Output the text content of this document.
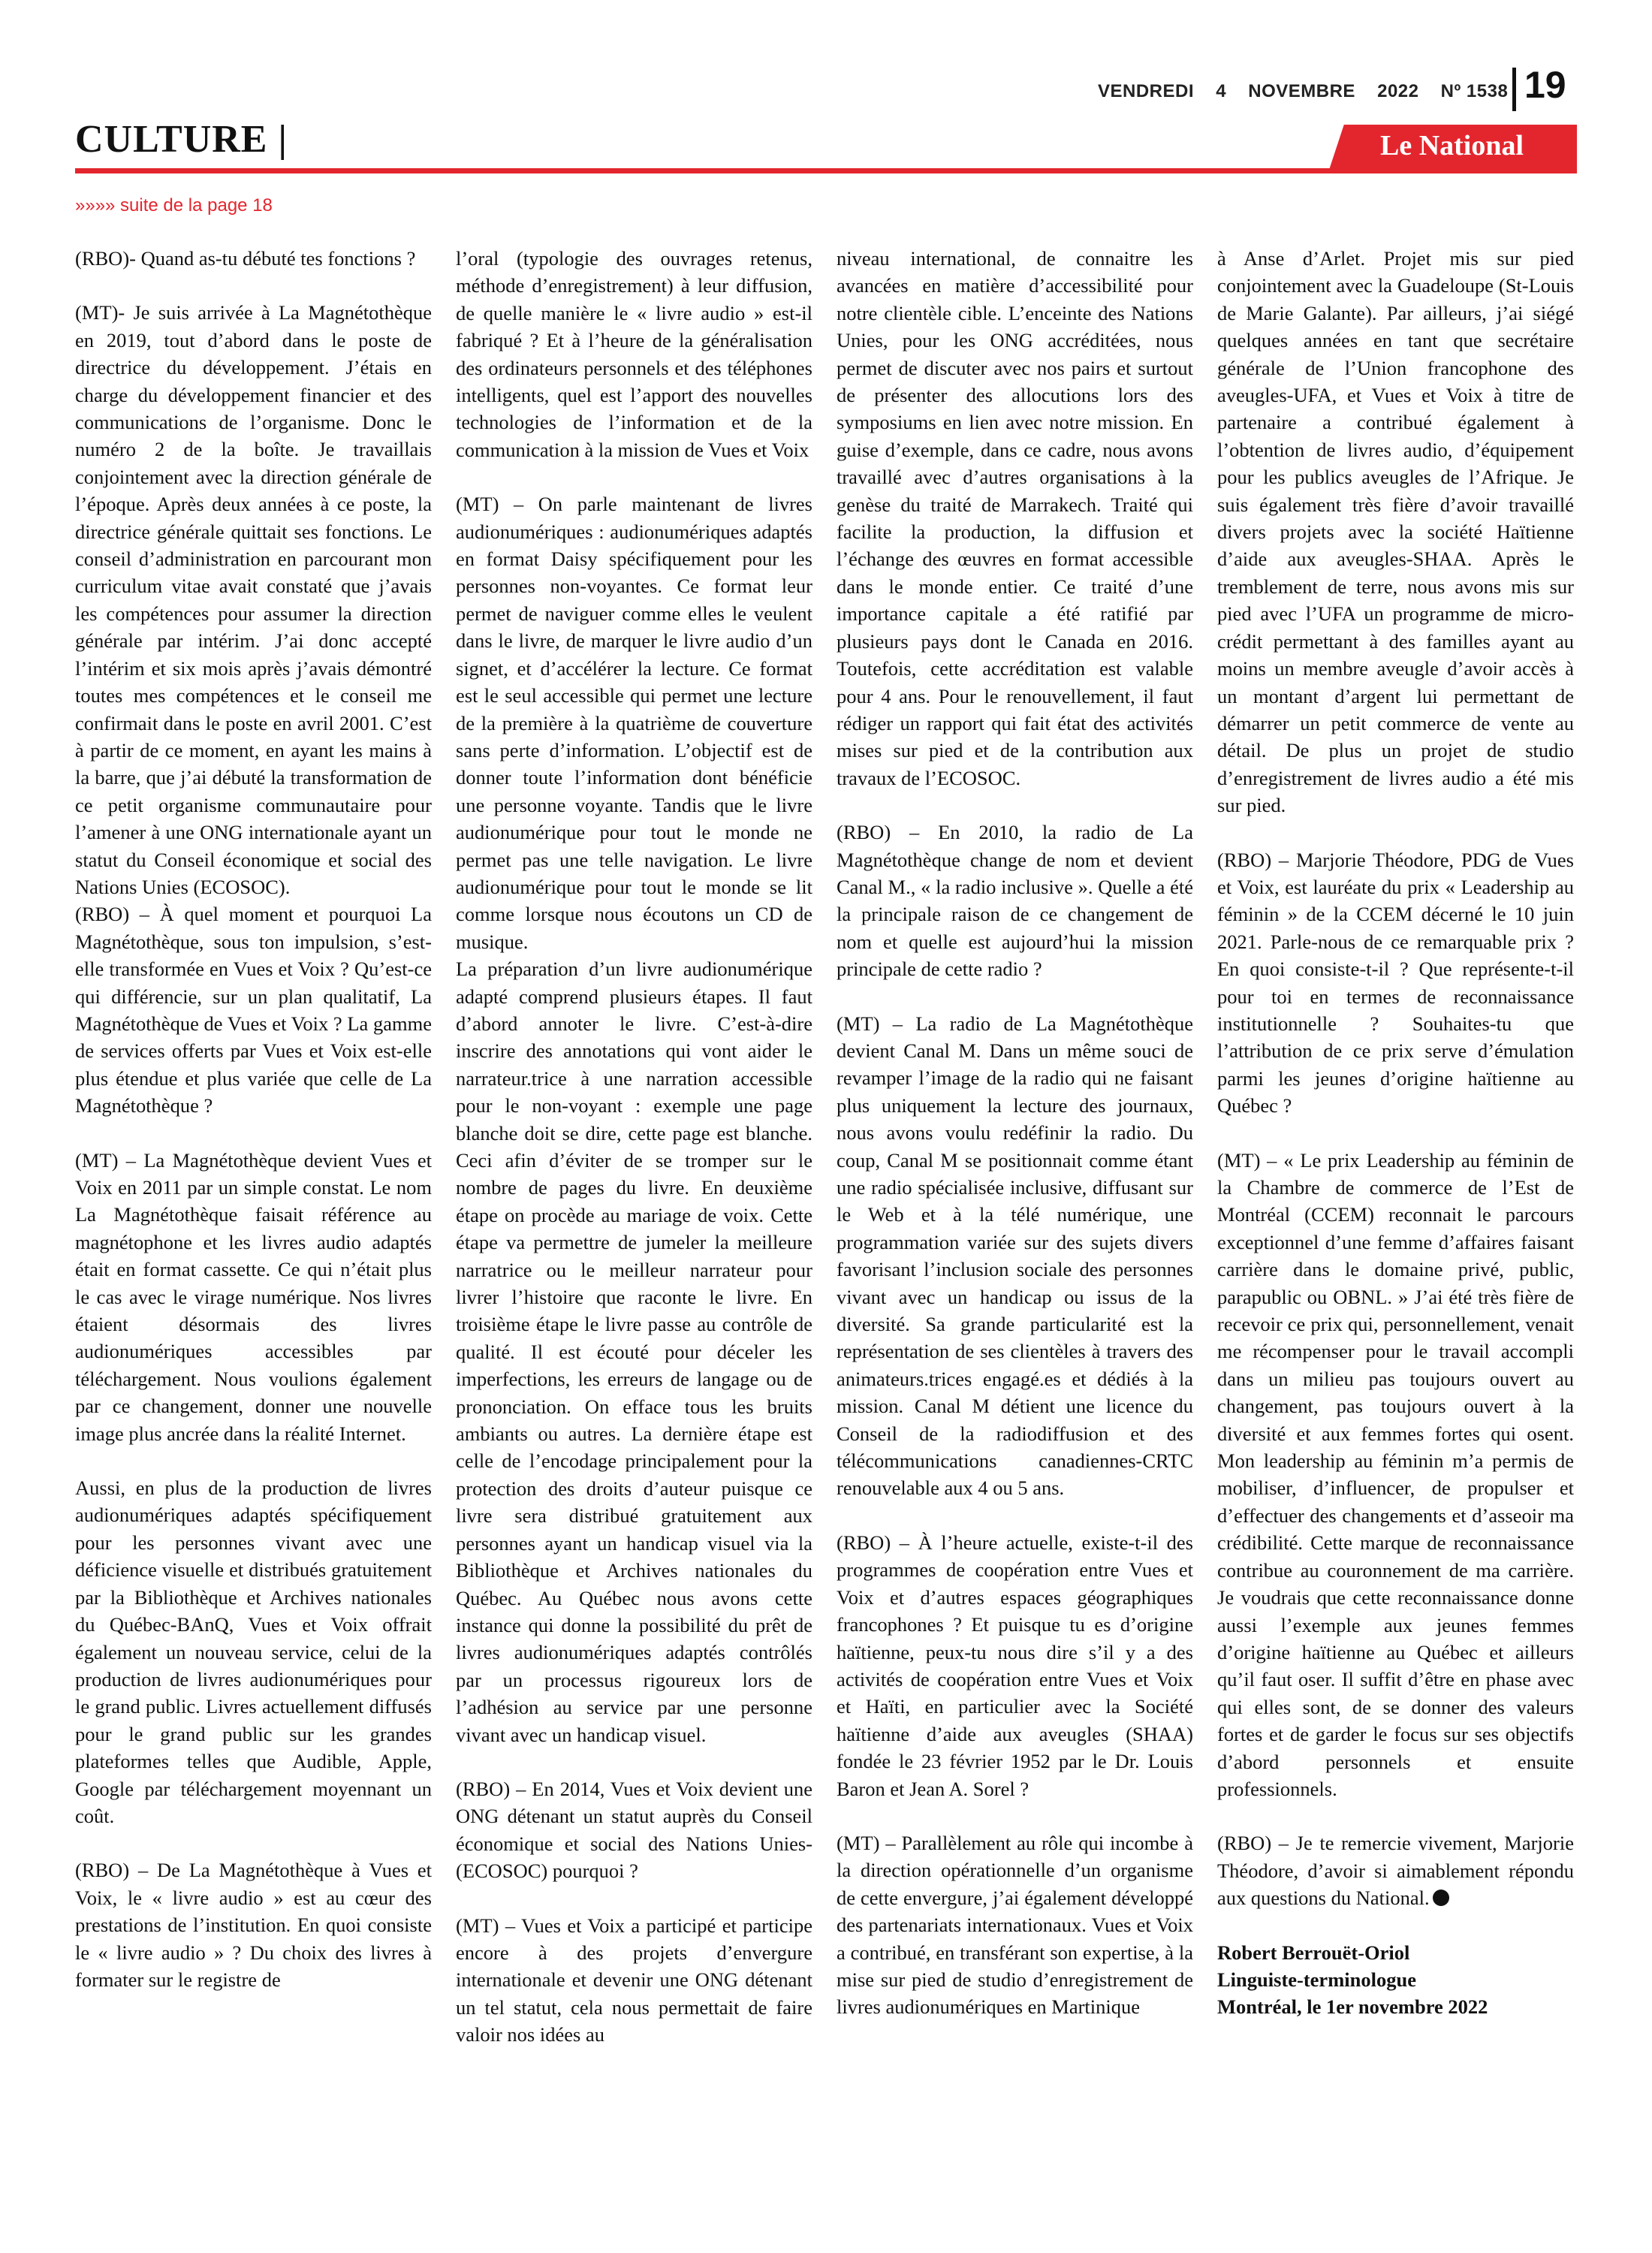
VENDREDI 4 NOVEMBRE 2022 Nº 1538 19
CULTURE |	Le National
»»»» suite de la page 18

(RBO)- Quand as-tu débuté tes fonctions ?

(MT)- Je suis arrivée à La Magnétothèque en 2019, tout d’abord dans le poste de directrice du développement. J’étais en charge du développement financier et des communications de l’organisme. Donc le numéro 2 de la boîte. Je travaillais conjointement avec la direction générale de l’époque. Après deux années à ce poste, la directrice générale quittait ses fonctions. Le conseil d’administration en parcourant mon curriculum vitae avait constaté que j’avais les compétences pour assumer la direction générale par intérim. J’ai donc accepté l’intérim et six mois après j’avais démontré toutes mes compétences et le conseil me confirmait dans le poste en avril 2001. C’est à partir de ce moment, en ayant les mains à la barre, que j’ai débuté la transformation de ce petit organisme communautaire pour l’amener à une ONG internationale ayant un statut du Conseil économique et social des Nations Unies (ECOSOC).

(RBO) – À quel moment et pourquoi La Magnétothèque, sous ton impulsion, s’est-elle transformée en Vues et Voix ? Qu’est-ce qui différencie, sur un plan qualitatif, La Magnétothèque de Vues et Voix ? La gamme de services offerts par Vues et Voix est-elle plus étendue et plus variée que celle de La Magnétothèque ?

(MT) – La Magnétothèque devient Vues et Voix en 2011 par un simple constat. Le nom La Magnétothèque faisait référence au magnétophone et les livres audio adaptés était en format cassette. Ce qui n’était plus le cas avec le virage numérique. Nos livres étaient désormais des livres audionumériques accessibles par téléchargement. Nous voulions également par ce changement, donner une nouvelle image plus ancrée dans la réalité Internet.

Aussi, en plus de la production de livres audionumériques adaptés spécifiquement pour les personnes vivant avec une déficience visuelle et distribués gratuitement par la Bibliothèque et Archives nationales du Québec-BAnQ, Vues et Voix offrait également un nouveau service, celui de la production de livres audionumériques pour le grand public. Livres actuellement diffusés pour le grand public sur les grandes plateformes telles que Audible, Apple, Google par téléchargement moyennant un coût.

(RBO) – De La Magnétothèque à Vues et Voix, le « livre audio » est au cœur des prestations de l’institution. En quoi consiste le « livre audio » ? Du choix des livres à formater sur le registre de

l’oral (typologie des ouvrages retenus, méthode d’enregistrement) à leur diffusion, de quelle manière le « livre audio » est-il fabriqué ? Et à l’heure de la généralisation des ordinateurs personnels et des téléphones intelligents, quel est l’apport des nouvelles technologies de l’information et de la communication à la mission de Vues et Voix

(MT) – On parle maintenant de livres audionumériques : audionumériques adaptés en format Daisy spécifiquement pour les personnes non-voyantes. Ce format leur permet de naviguer comme elles le veulent dans le livre, de marquer le livre audio d’un signet, et d’accélérer la lecture. Ce format est le seul accessible qui permet une lecture de la première à la quatrième de couverture sans perte d’information. L’objectif est de donner toute l’information dont bénéficie une personne voyante. Tandis que le livre audionumérique pour tout le monde ne permet pas une telle navigation. Le livre audionumérique pour tout le monde se lit comme lorsque nous écoutons un CD de musique.

La préparation d’un livre audionumérique adapté comprend plusieurs étapes. Il faut d’abord annoter le livre. C’est-à-dire inscrire des annotations qui vont aider le narrateur.trice à une narration accessible pour le non-voyant : exemple une page blanche doit se dire, cette page est blanche. Ceci afin d’éviter de se tromper sur le nombre de pages du livre. En deuxième étape on procède au mariage de voix. Cette étape va permettre de jumeler la meilleure narratrice ou le meilleur narrateur pour livrer l’histoire que raconte le livre. En troisième étape le livre passe au contrôle de qualité. Il est écouté pour déceler les imperfections, les erreurs de langage ou de prononciation. On efface tous les bruits ambiants ou autres. La dernière étape est celle de l’encodage principalement pour la protection des droits d’auteur puisque ce livre sera distribué gratuitement aux personnes ayant un handicap visuel via la Bibliothèque et Archives nationales du Québec. Au Québec nous avons cette instance qui donne la possibilité du prêt de livres audionumériques adaptés contrôlés par un processus rigoureux lors de l’adhésion au service par une personne vivant avec un handicap visuel.

(RBO) – En 2014, Vues et Voix devient une ONG détenant un statut auprès du Conseil économique et social des Nations Unies- (ECOSOC) pourquoi ?

(MT) – Vues et Voix a participé et participe encore à des projets d’envergure internationale et devenir une ONG détenant un tel statut, cela nous permettait de faire valoir nos idées au

niveau international, de connaitre les avancées en matière d’accessibilité pour notre clientèle cible. L’enceinte des Nations Unies, pour les ONG accréditées, nous permet de discuter avec nos pairs et surtout de présenter des allocutions lors des symposiums en lien avec notre mission. En guise d’exemple, dans ce cadre, nous avons travaillé avec d’autres organisations à la genèse du traité de Marrakech. Traité qui facilite la production, la diffusion et l’échange des œuvres en format accessible dans le monde entier. Ce traité d’une importance capitale a été ratifié par plusieurs pays dont le Canada en 2016. Toutefois, cette accréditation est valable pour 4 ans. Pour le renouvellement, il faut rédiger un rapport qui fait état des activités mises sur pied et de la contribution aux travaux de l’ECOSOC.

(RBO) – En 2010, la radio de La Magnétothèque change de nom et devient Canal M., « la radio inclusive ». Quelle a été la principale raison de ce changement de nom et quelle est aujourd’hui la mission principale de cette radio ?

(MT) – La radio de La Magnétothèque devient Canal M. Dans un même souci de revamper l’image de la radio qui ne faisant plus uniquement la lecture des journaux, nous avons voulu redéfinir la radio. Du coup, Canal M se positionnait comme étant une radio spécialisée inclusive, diffusant sur le Web et à la télé numérique, une programmation variée sur des sujets divers favorisant l’inclusion sociale des personnes vivant avec un handicap ou issus de la diversité. Sa grande particularité est la représentation de ses clientèles à travers des animateurs.trices engagé.es et dédiés à la mission. Canal M détient une licence du Conseil de la radiodiffusion et des télécommunications canadiennes-CRTC renouvelable aux 4 ou 5 ans.

(RBO) – À l’heure actuelle, existe-t-il des programmes de coopération entre Vues et Voix et d’autres espaces géographiques francophones ? Et puisque tu es d’origine haïtienne, peux-tu nous dire s’il y a des activités de coopération entre Vues et Voix et Haïti, en particulier avec la Société haïtienne d’aide aux aveugles (SHAA) fondée le 23 février 1952 par le Dr. Louis Baron et Jean A. Sorel ?

(MT) – Parallèlement au rôle qui incombe à la direction opérationnelle d’un organisme de cette envergure, j’ai également développé des partenariats internationaux. Vues et Voix a contribué, en transférant son expertise, à la mise sur pied de studio d’enregistrement de livres audionumériques en Martinique

à Anse d’Arlet. Projet mis sur pied conjointement avec la Guadeloupe (St-Louis de Marie Galante). Par ailleurs, j’ai siégé quelques années en tant que secrétaire générale de l’Union francophone des aveugles-UFA, et Vues et Voix à titre de partenaire a contribué également à l’obtention de livres audio, d’équipement pour les publics aveugles de l’Afrique. Je suis également très fière d’avoir travaillé divers projets avec la société Haïtienne d’aide aux aveugles-SHAA. Après le tremblement de terre, nous avons mis sur pied avec l’UFA un programme de micro-crédit permettant à des familles ayant au moins un membre aveugle d’avoir accès à un montant d’argent lui permettant de démarrer un petit commerce de vente au détail. De plus un projet de studio d’enregistrement de livres audio a été mis sur pied.

(RBO) – Marjorie Théodore, PDG de Vues et Voix, est lauréate du prix « Leadership au féminin » de la CCEM décerné le 10 juin 2021. Parle-nous de ce remarquable prix ? En quoi consiste-t-il ? Que représente-t-il pour toi en termes de reconnaissance institutionnelle ? Souhaites-tu que l’attribution de ce prix serve d’émulation parmi les jeunes d’origine haïtienne au Québec ?

(MT) – « Le prix Leadership au féminin de la Chambre de commerce de l’Est de Montréal (CCEM) reconnait le parcours exceptionnel d’une femme d’affaires faisant carrière dans le domaine privé, public, parapublic ou OBNL. » J’ai été très fière de recevoir ce prix qui, personnellement, venait me récompenser pour le travail accompli dans un milieu pas toujours ouvert au changement, pas toujours ouvert à la diversité et aux femmes fortes qui osent. Mon leadership au féminin m’a permis de mobiliser, d’influencer, de propulser et d’effectuer des changements et d’asseoir ma crédibilité. Cette marque de reconnaissance contribue au couronnement de ma carrière. Je voudrais que cette reconnaissance donne aussi l’exemple aux jeunes femmes d’origine haïtienne au Québec et ailleurs qu’il faut oser. Il suffit d’être en phase avec qui elles sont, de se donner des valeurs fortes et de garder le focus sur ses objectifs d’abord personnels et ensuite professionnels.

(RBO) – Je te remercie vivement, Marjorie Théodore, d’avoir si aimablement répondu aux questions du National.

Robert Berrouët-Oriol
Linguiste-terminologue
Montréal, le 1er novembre 2022
